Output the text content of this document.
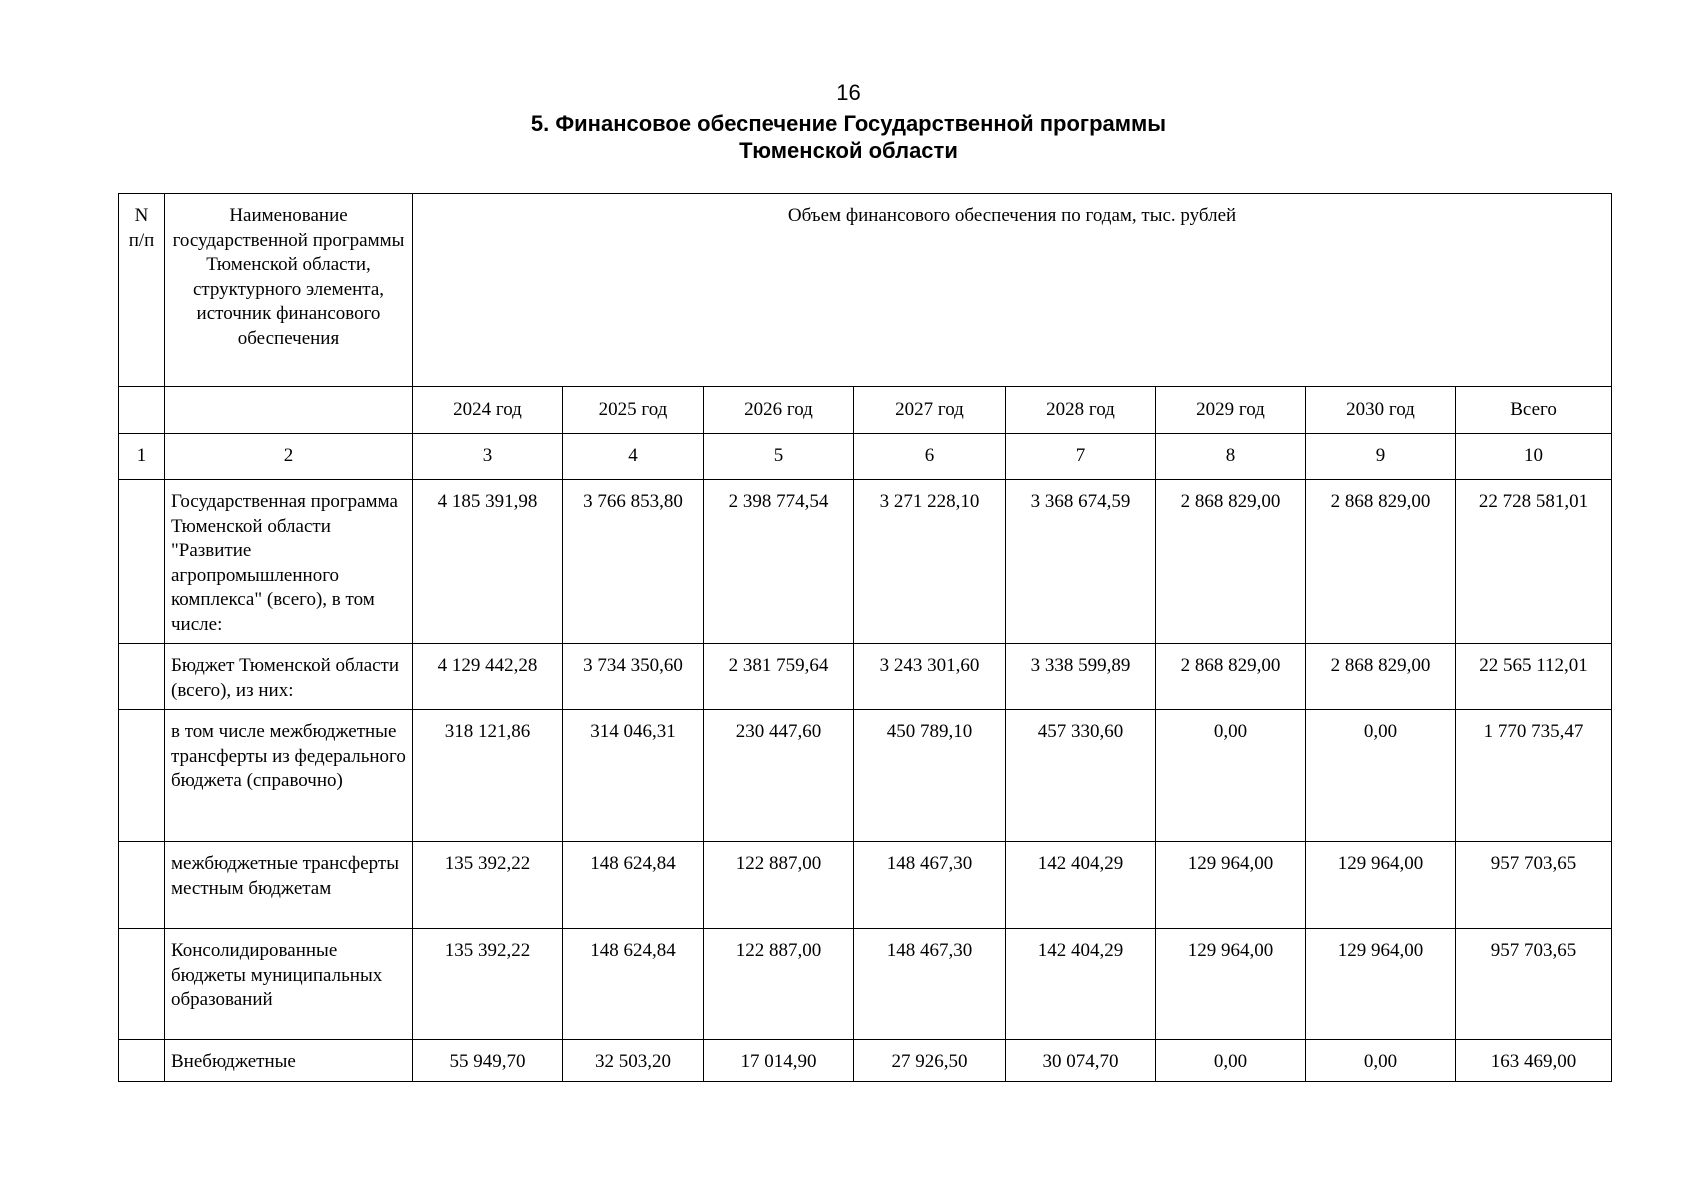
16
5. Финансовое обеспечение Государственной программы
Тюменской области
N п/п	Наименование государственной программы Тюменской области, структурного элемента, источник финансового обеспечения	Объем финансового обеспечения по годам, тыс. рублей							
		2024 год	2025 год	2026 год	2027 год	2028 год	2029 год	2030 год	Всего
1	2	3	4	5	6	7	8	9	10
	Государственная программа Тюменской области "Развитие агропромышленного комплекса" (всего), в том числе:	4 185 391,98	3 766 853,80	2 398 774,54	3 271 228,10	3 368 674,59	2 868 829,00	2 868 829,00	22 728 581,01
	Бюджет Тюменской области (всего), из них:	4 129 442,28	3 734 350,60	2 381 759,64	3 243 301,60	3 338 599,89	2 868 829,00	2 868 829,00	22 565 112,01
	в том числе межбюджетные трансферты из федерального бюджета (справочно)	318 121,86	314 046,31	230 447,60	450 789,10	457 330,60	0,00	0,00	1 770 735,47
	межбюджетные трансферты местным бюджетам	135 392,22	148 624,84	122 887,00	148 467,30	142 404,29	129 964,00	129 964,00	957 703,65
	Консолидированные бюджеты муниципальных образований	135 392,22	148 624,84	122 887,00	148 467,30	142 404,29	129 964,00	129 964,00	957 703,65
	Внебюджетные	55 949,70	32 503,20	17 014,90	27 926,50	30 074,70	0,00	0,00	163 469,00
